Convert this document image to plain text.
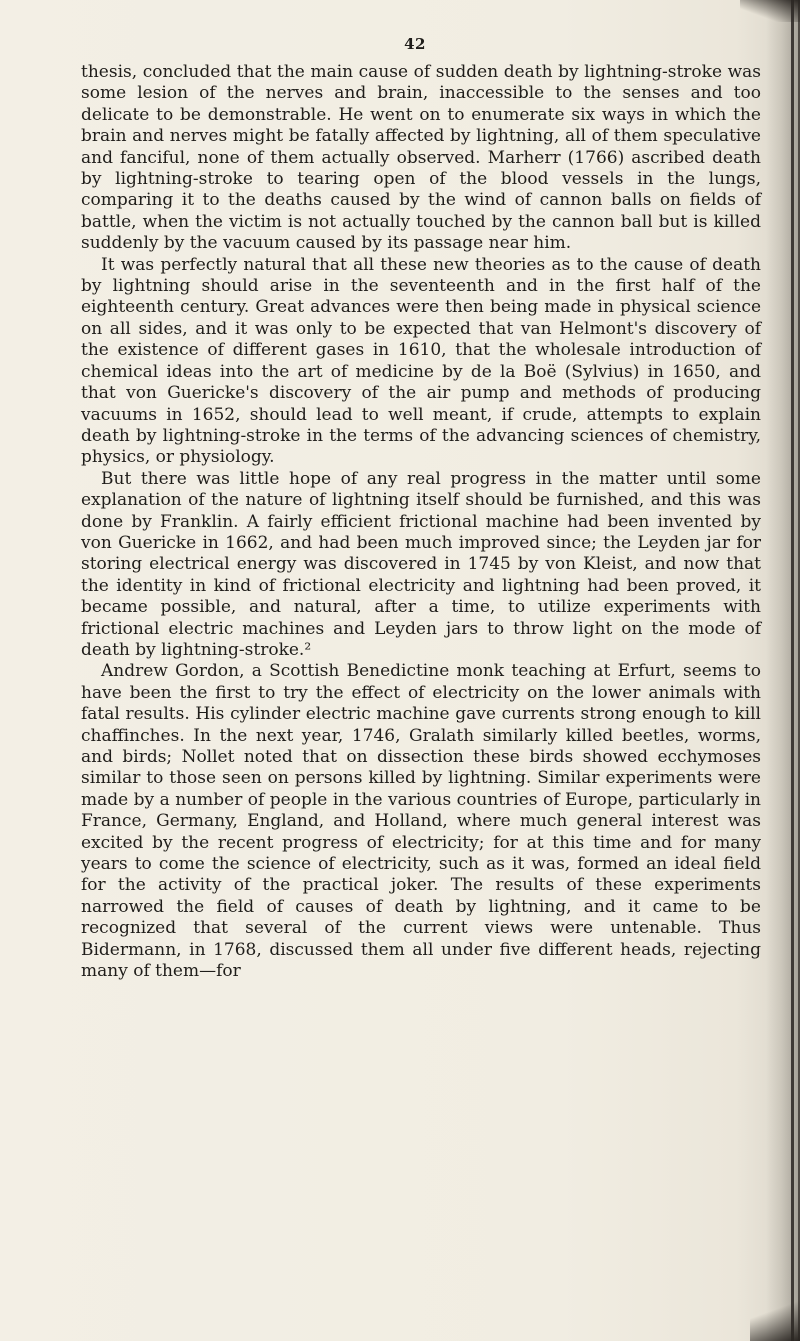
42

thesis, concluded that the main cause of sudden death by lightning-stroke was some lesion of the nerves and brain, inaccessible to the senses and too delicate to be demonstrable. He went on to enumerate six ways in which the brain and nerves might be fatally affected by lightning, all of them speculative and fanciful, none of them actually observed. Marherr (1766) ascribed death by lightning-stroke to tearing open of the blood vessels in the lungs, comparing it to the deaths caused by the wind of cannon balls on fields of battle, when the victim is not actually touched by the cannon ball but is killed suddenly by the vacuum caused by its passage near him.

It was perfectly natural that all these new theories as to the cause of death by lightning should arise in the seventeenth and in the first half of the eighteenth century. Great advances were then being made in physical science on all sides, and it was only to be expected that van Helmont's discovery of the existence of different gases in 1610, that the wholesale introduction of chemical ideas into the art of medicine by de la Boë (Sylvius) in 1650, and that von Guericke's discovery of the air pump and methods of producing vacuums in 1652, should lead to well meant, if crude, attempts to explain death by lightning-stroke in the terms of the advancing sciences of chemistry, physics, or physiology.

But there was little hope of any real progress in the matter until some explanation of the nature of lightning itself should be furnished, and this was done by Franklin. A fairly efficient frictional machine had been invented by von Guericke in 1662, and had been much improved since; the Leyden jar for storing electrical energy was discovered in 1745 by von Kleist, and now that the identity in kind of frictional electricity and lightning had been proved, it became possible, and natural, after a time, to utilize experiments with frictional electric machines and Leyden jars to throw light on the mode of death by lightning-stroke.²

Andrew Gordon, a Scottish Benedictine monk teaching at Erfurt, seems to have been the first to try the effect of electricity on the lower animals with fatal results. His cylinder electric machine gave currents strong enough to kill chaffinches. In the next year, 1746, Gralath similarly killed beetles, worms, and birds; Nollet noted that on dissection these birds showed ecchymoses similar to those seen on persons killed by lightning. Similar experiments were made by a number of people in the various countries of Europe, particularly in France, Germany, England, and Holland, where much general interest was excited by the recent progress of electricity; for at this time and for many years to come the science of electricity, such as it was, formed an ideal field for the activity of the practical joker. The results of these experiments narrowed the field of causes of death by lightning, and it came to be recognized that several of the current views were untenable. Thus Bidermann, in 1768, discussed them all under five different heads, rejecting many of them—for
